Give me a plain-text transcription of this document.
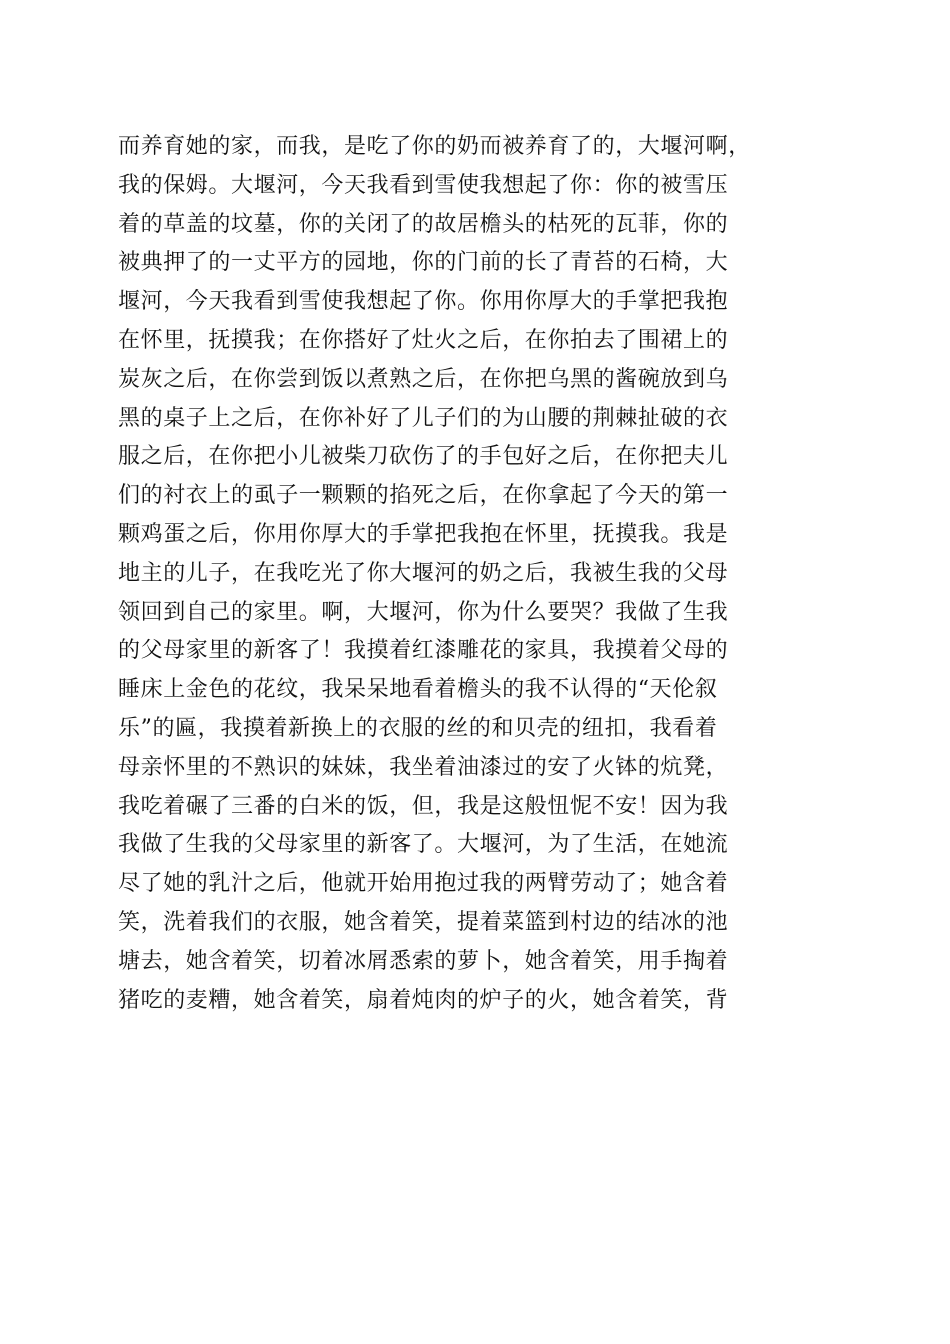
而养育她的家，而我，是吃了你的奶而被养育了的，大堰河啊，
我的保姆。大堰河，今天我看到雪使我想起了你：你的被雪压
着的草盖的坟墓，你的关闭了的故居檐头的枯死的瓦菲，你的
被典押了的一丈平方的园地，你的门前的长了青苔的石椅，大
堰河，今天我看到雪使我想起了你。你用你厚大的手掌把我抱
在怀里，抚摸我；在你搭好了灶火之后，在你拍去了围裙上的
炭灰之后，在你尝到饭以煮熟之后，在你把乌黑的酱碗放到乌
黑的桌子上之后，在你补好了儿子们的为山腰的荆棘扯破的衣
服之后，在你把小儿被柴刀砍伤了的手包好之后，在你把夫儿
们的衬衣上的虱子一颗颗的掐死之后，在你拿起了今天的第一
颗鸡蛋之后，你用你厚大的手掌把我抱在怀里，抚摸我。我是
地主的儿子，在我吃光了你大堰河的奶之后，我被生我的父母
领回到自己的家里。啊，大堰河，你为什么要哭？我做了生我
的父母家里的新客了！我摸着红漆雕花的家具，我摸着父母的
睡床上金色的花纹，我呆呆地看着檐头的我不认得的“天伦叙
乐”的匾，我摸着新换上的衣服的丝的和贝壳的纽扣，我看着
母亲怀里的不熟识的妹妹，我坐着油漆过的安了火钵的炕凳，
我吃着碾了三番的白米的饭，但，我是这般忸怩不安！因为我
我做了生我的父母家里的新客了。大堰河，为了生活，在她流
尽了她的乳汁之后，他就开始用抱过我的两臂劳动了；她含着
笑，洗着我们的衣服，她含着笑，提着菜篮到村边的结冰的池
塘去，她含着笑，切着冰屑悉索的萝卜，她含着笑，用手掏着
猪吃的麦糟，她含着笑，扇着炖肉的炉子的火，她含着笑，背
